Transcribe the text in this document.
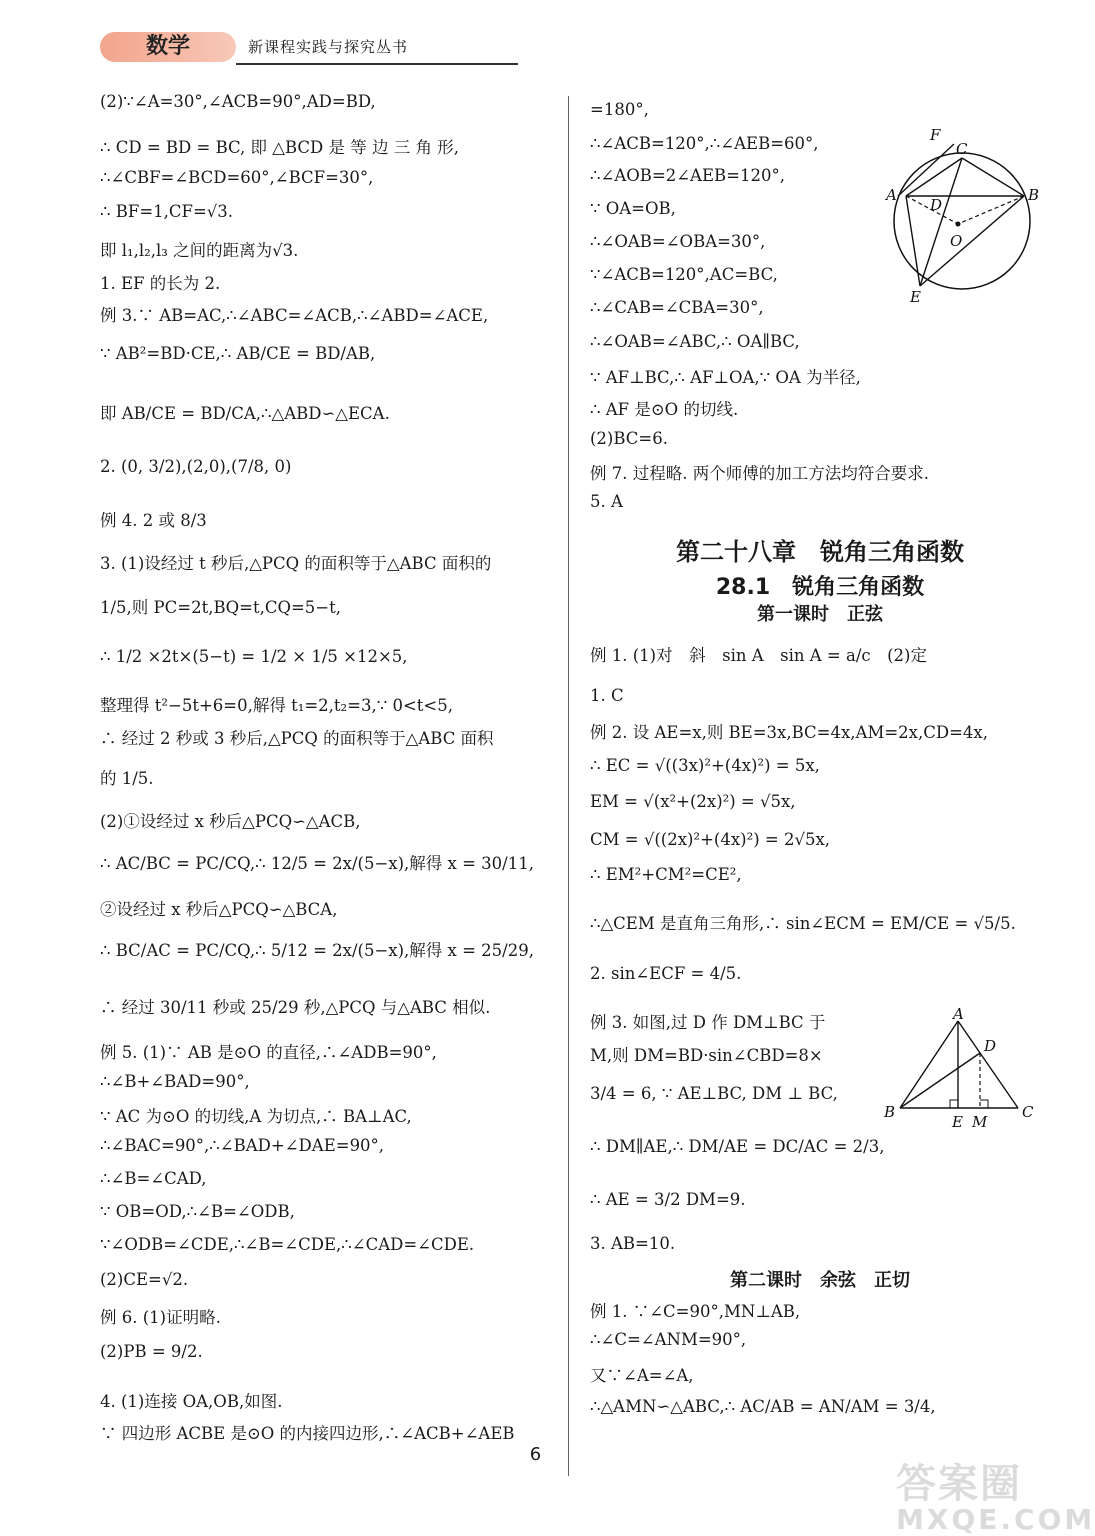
数学	新课程实践与探究丛书
(2)∵∠A=30°,∠ACB=90°,AD=BD,
∴ CD = BD = BC, 即 △BCD 是 等 边 三 角 形,
∴∠CBF=∠BCD=60°,∠BCF=30°,
∴ BF=1,CF=√3.
即 l₁,l₂,l₃ 之间的距离为√3.
1. EF 的长为 2.
例 3.∵ AB=AC,∴∠ABC=∠ACB,∴∠ABD=∠ACE,
∵ AB²=BD·CE,∴ AB/CE = BD/AB,
即 AB/CE = BD/CA,∴△ABD∽△ECA.
2. (0, 3/2),(2,0),(7/8, 0)
例 4. 2 或 8/3
3. (1)设经过 t 秒后,△PCQ 的面积等于△ABC 面积的
1/5,则 PC=2t,BQ=t,CQ=5−t,
∴ 1/2 ×2t×(5−t) = 1/2 × 1/5 ×12×5,
整理得 t²−5t+6=0,解得 t₁=2,t₂=3,∵ 0<t<5,
∴ 经过 2 秒或 3 秒后,△PCQ 的面积等于△ABC 面积
的 1/5.
(2)①设经过 x 秒后△PCQ∽△ACB,
∴ AC/BC = PC/CQ,∴ 12/5 = 2x/(5−x),解得 x = 30/11,
②设经过 x 秒后△PCQ∽△BCA,
∴ BC/AC = PC/CQ,∴ 5/12 = 2x/(5−x),解得 x = 25/29,
∴ 经过 30/11 秒或 25/29 秒,△PCQ 与△ABC 相似.
例 5. (1)∵ AB 是⊙O 的直径,∴∠ADB=90°,
∴∠B+∠BAD=90°,
∵ AC 为⊙O 的切线,A 为切点,∴ BA⊥AC,
∴∠BAC=90°,∴∠BAD+∠DAE=90°,
∴∠B=∠CAD,
∵ OB=OD,∴∠B=∠ODB,
∵∠ODB=∠CDE,∴∠B=∠CDE,∴∠CAD=∠CDE.
(2)CE=√2.
例 6. (1)证明略.
(2)PB = 9/2.
4. (1)连接 OA,OB,如图.
∵ 四边形 ACBE 是⊙O 的内接四边形,∴∠ACB+∠AEB
=180°,
∴∠ACB=120°,∴∠AEB=60°,
∴∠AOB=2∠AEB=120°,
∵ OA=OB,
∴∠OAB=∠OBA=30°,
∵∠ACB=120°,AC=BC,
∴∠CAB=∠CBA=30°,
∴∠OAB=∠ABC,∴ OA∥BC,
∵ AF⊥BC,∴ AF⊥OA,∵ OA 为半径,
∴ AF 是⊙O 的切线.
(2)BC=6.
例 7. 过程略. 两个师傅的加工方法均符合要求.
5. A
第二十八章　锐角三角函数
28.1　锐角三角函数
第一课时　正弦
例 1. (1)对　斜　sin A　sin A = a/c　(2)定
1. C
例 2. 设 AE=x,则 BE=3x,BC=4x,AM=2x,CD=4x,
∴ EC = √((3x)²+(4x)²) = 5x,
EM = √(x²+(2x)²) = √5x,
CM = √((2x)²+(4x)²) = 2√5x,
∴ EM²+CM²=CE²,
∴△CEM 是直角三角形,∴ sin∠ECM = EM/CE = √5/5.
2. sin∠ECF = 4/5.
例 3. 如图,过 D 作 DM⊥BC 于
M,则 DM=BD·sin∠CBD=8×
3/4 = 6, ∵ AE⊥BC, DM ⊥ BC,
∴ DM∥AE,∴ DM/AE = DC/AC = 2/3,
∴ AE = 3/2 DM=9.
3. AB=10.
第二课时　余弦　正切
例 1. ∵∠C=90°,MN⊥AB,
∴∠C=∠ANM=90°,
又∵∠A=∠A,
∴△AMN∽△ABC,∴ AC/AB = AN/AM = 3/4,
F
C
A	B
D
O
E
A
D
B
E M
C
6
答案圈
MXQE.COM
